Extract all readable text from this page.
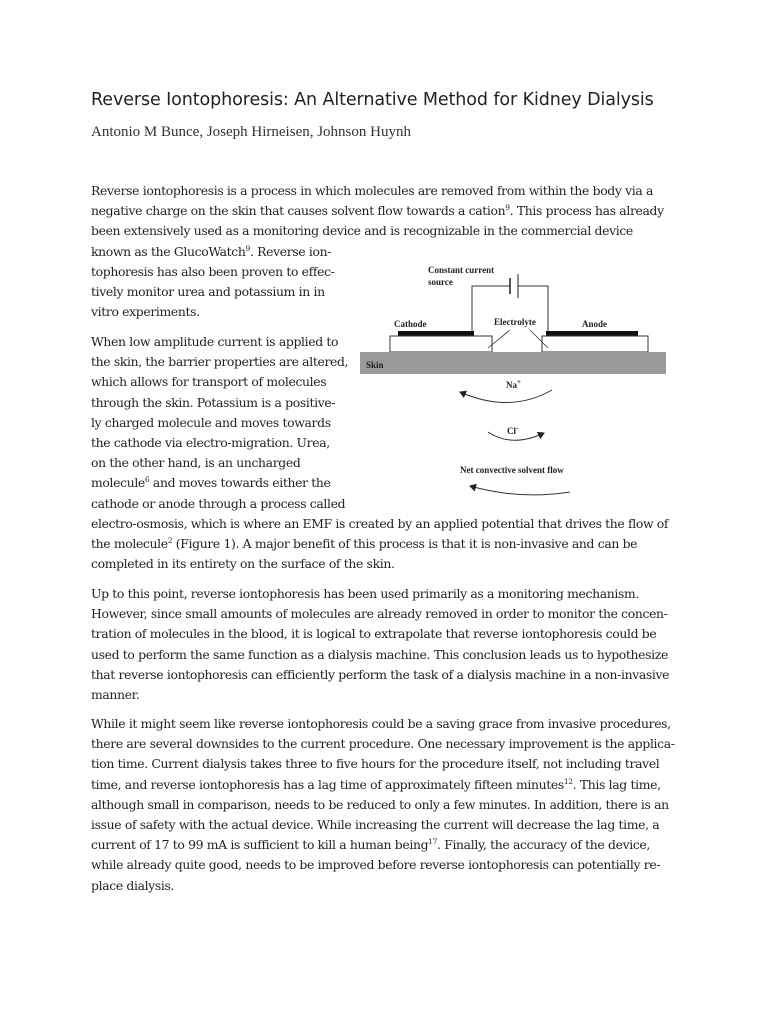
Reverse Iontophoresis: An Alternative Method for Kidney Dialysis
Antonio M Bunce, Joseph Hirneisen, Johnson Huynh
Reverse iontophoresis is a process in which molecules are removed from within the body via a
negative charge on the skin that causes solvent flow towards a cation$^9$. This process has already
been extensively used as a monitoring device and is recognizable in the commercial device
known as the GlucoWatch$^9$. Reverse ion-
tophoresis has also been proven to effec-
tively monitor urea and potassium in in
vitro experiments.
When low amplitude current is applied to
the skin, the barrier properties are altered,
which allows for transport of molecules
through the skin. Potassium is a positive-
ly charged molecule and moves towards
the cathode via electro-migration. Urea,
on the other hand, is an uncharged
molecule$^6$ and moves towards either the
cathode or anode through a process called
electro-osmosis, which is where an EMF is created by an applied potential that drives the flow of
the molecule$^2$ (Figure 1). A major benefit of this process is that it is non-invasive and can be
completed in its entirety on the surface of the skin.
Up to this point, reverse iontophoresis has been used primarily as a monitoring mechanism.
However, since small amounts of molecules are already removed in order to monitor the concen-
tration of molecules in the blood, it is logical to extrapolate that reverse iontophoresis could be
used to perform the same function as a dialysis machine. This conclusion leads us to hypothesize
that reverse iontophoresis can efficiently perform the task of a dialysis machine in a non-invasive
manner.
While it might seem like reverse iontophoresis could be a saving grace from invasive procedures,
there are several downsides to the current procedure. One necessary improvement is the applica-
tion time. Current dialysis takes three to five hours for the procedure itself, not including travel
time, and reverse iontophoresis has a lag time of approximately fifteen minutes$^{12}$. This lag time,
although small in comparison, needs to be reduced to only a few minutes. In addition, there is an
issue of safety with the actual device. While increasing the current will decrease the lag time, a
current of 17 to 99 mA is sufficient to kill a human being$^{17}$. Finally, the accuracy of the device,
while already quite good, needs to be improved before reverse iontophoresis can potentially re-
place dialysis.
Constant current
source
Cathode	Electrolyte	Anode
Skin
Na+
Cl-
Net convective solvent flow
